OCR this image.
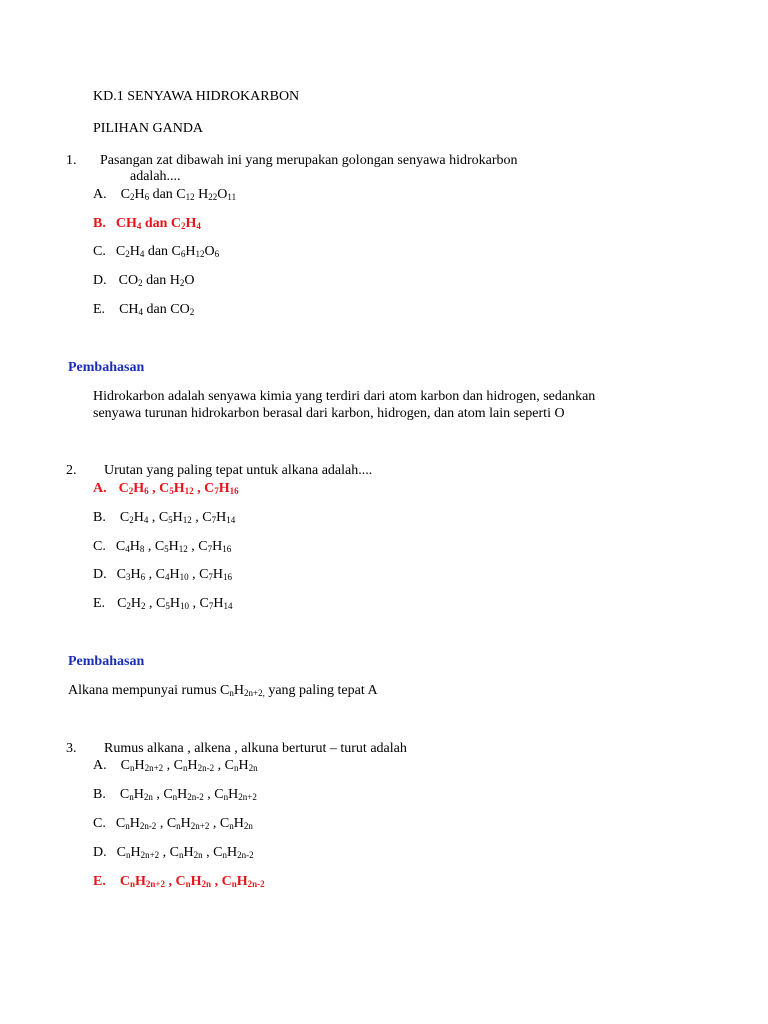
KD.1 SENYAWA HIDROKARBON
PILIHAN GANDA
1. Pasangan zat dibawah ini yang merupakan golongan senyawa hidrokarbon
adalah....
A. $C_2H_6$ dan $C_{12}$ $H_{22}O_{11}$
B. $CH_4$ dan $C_2H_4$
C. $C_2H_4$ dan $C_6H_{12}O_6$
D. $CO_2$ dan $H_2O$
E. $CH_4$ dan $CO_2$
Pembahasan
Hidrokarbon adalah senyawa kimia yang terdiri dari atom karbon dan hidrogen, sedankan
senyawa turunan hidrokarbon berasal dari karbon, hidrogen, dan atom lain seperti O
2. Urutan yang paling tepat untuk alkana adalah....
A. $C_2H_6$ , $C_5H_{12}$ , $C_7H_{16}$
B. $C_2H_4$ , $C_5H_{12}$ , $C_7H_{14}$
C. $C_4H_8$ , $C_5H_{12}$ , $C_7H_{16}$
D. $C_3H_6$ , $C_4H_{10}$ , $C_7H_{16}$
E. $C_2H_2$ , $C_5H_{10}$ , $C_7H_{14}$
Pembahasan
Alkana mempunyai rumus $C_nH_{2n+2,}$ yang paling tepat A
3. Rumus alkana , alkena , alkuna berturut – turut adalah
A. $C_nH_{2n+2}$ , $C_nH_{2n-2}$ , $C_nH_{2n}$
B. $C_nH_{2n}$ , $C_nH_{2n-2}$ , $C_nH_{2n+2}$
C. $C_nH_{2n-2}$ , $C_nH_{2n+2}$ , $C_nH_{2n}$
D. $C_nH_{2n+2}$ , $C_nH_{2n}$ , $C_nH_{2n-2}$
E. $C_nH_{2n+2}$ , $C_nH_{2n}$ , $C_nH_{2n-2}$
